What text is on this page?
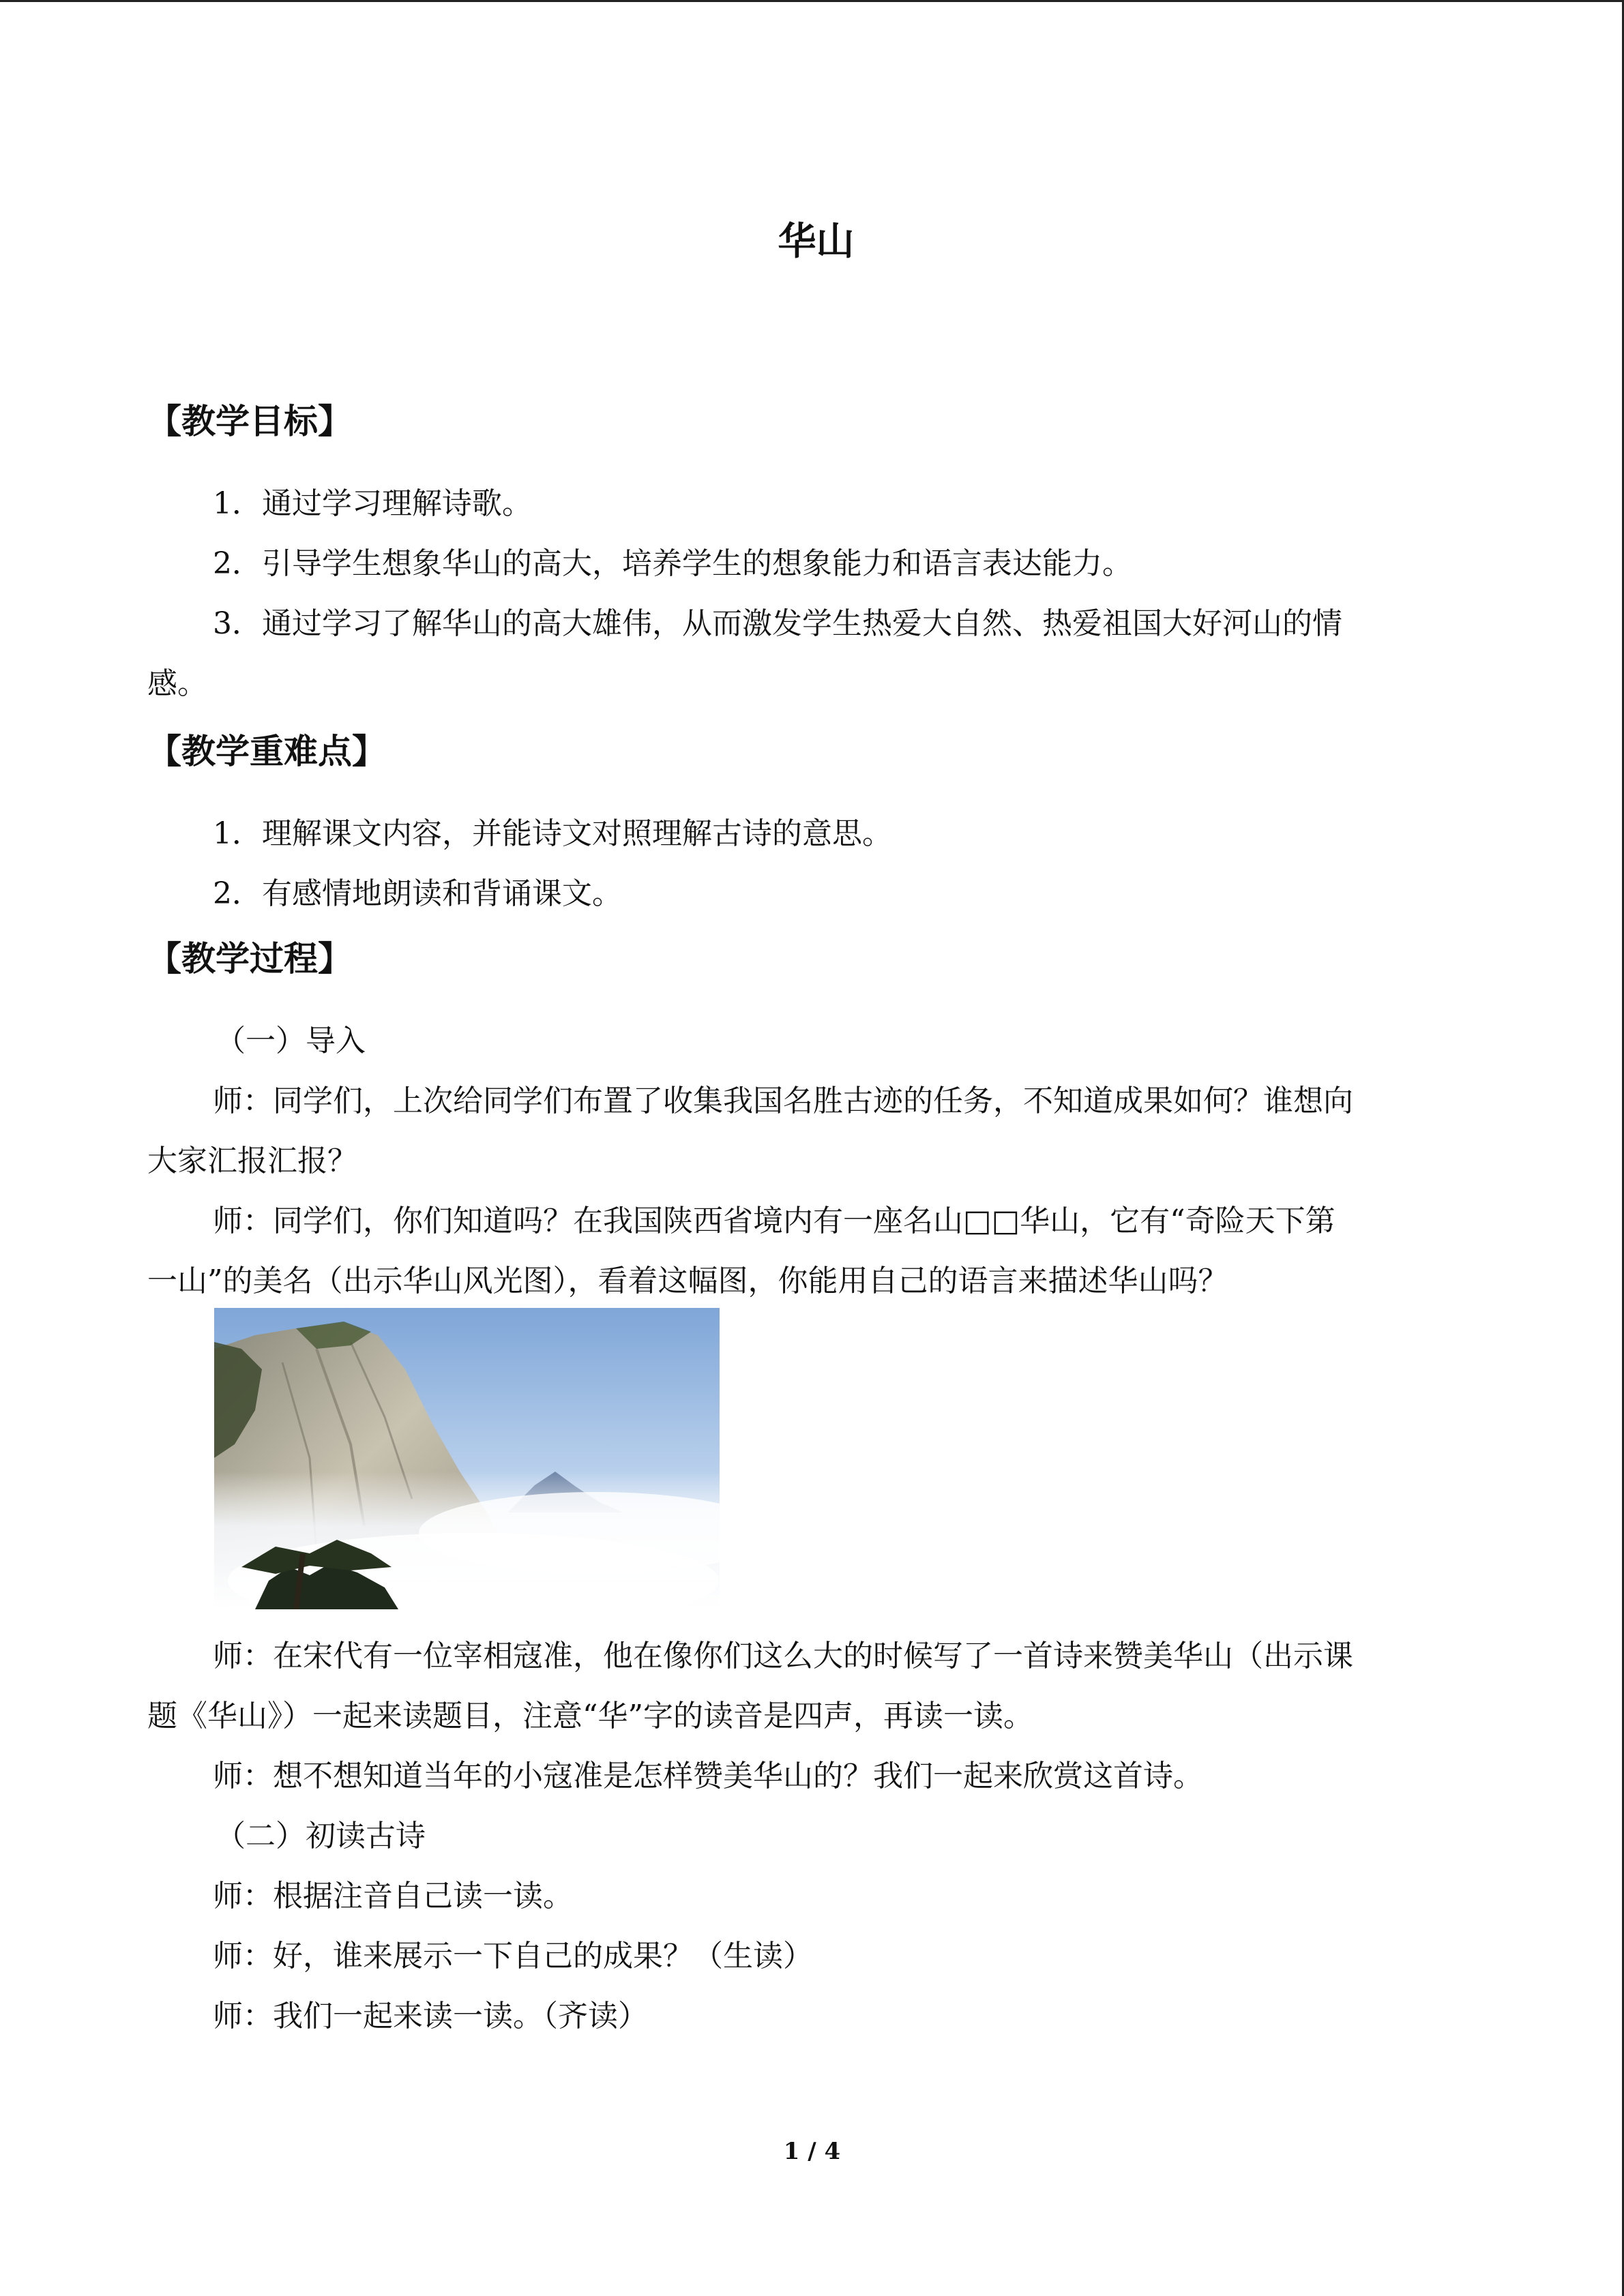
华山
【教学目标】
1．通过学习理解诗歌。
2．引导学生想象华山的高大，培养学生的想象能力和语言表达能力。
3．通过学习了解华山的高大雄伟，从而激发学生热爱大自然、热爱祖国大好河山的情
感。
【教学重难点】
1．理解课文内容，并能诗文对照理解古诗的意思。
2．有感情地朗读和背诵课文。
【教学过程】
（一）导入
师：同学们，上次给同学们布置了收集我国名胜古迹的任务，不知道成果如何？谁想向
大家汇报汇报？
师：同学们，你们知道吗？在我国陕西省境内有一座名山□□华山，它有“奇险天下第
一山”的美名（出示华山风光图），看着这幅图，你能用自己的语言来描述华山吗？
师：在宋代有一位宰相寇准，他在像你们这么大的时候写了一首诗来赞美华山（出示课
题《华山》）一起来读题目，注意“华”字的读音是四声，再读一读。
师：想不想知道当年的小寇准是怎样赞美华山的？我们一起来欣赏这首诗。
（二）初读古诗
师：根据注音自己读一读。
师：好，谁来展示一下自己的成果？（生读）
师：我们一起来读一读。（齐读）
1 / 4
